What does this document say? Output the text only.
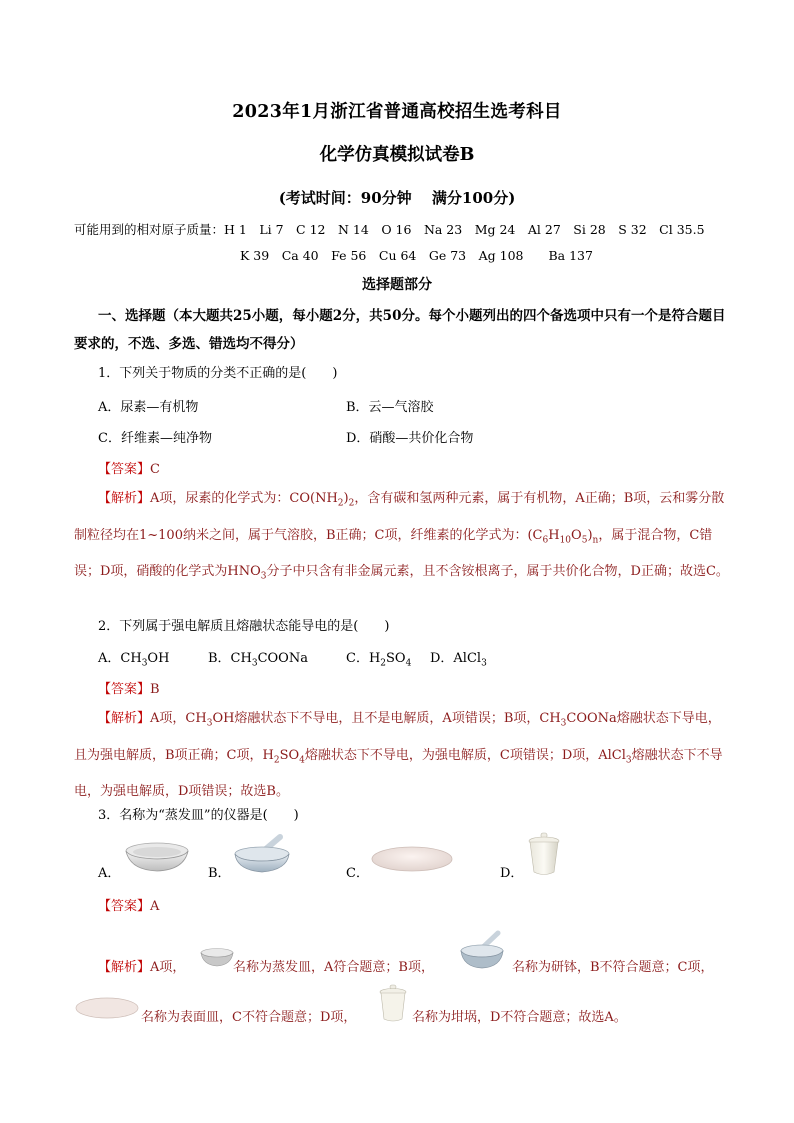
2023年1月浙江省普通高校招生选考科目
化学仿真模拟试卷B
(考试时间：90分钟　 满分100分)
可能用到的相对原子质量：H 1　Li 7　C 12　N 14　O 16　Na 23　Mg 24　Al 27　Si 28　S 32　Cl 35.5
K 39　Ca 40　Fe 56　Cu 64　Ge 73　Ag 108　　Ba 137
选择题部分
一、选择题（本大题共25小题，每小题2分，共50分。每个小题列出的四个备选项中只有一个是符合题目要求的，不选、多选、错选均不得分）
1．下列关于物质的分类不正确的是(　　)
A．尿素—有机物	B．云—气溶胶
C．纤维素—纯净物	D．硝酸—共价化合物
【答案】C
【解析】A项，尿素的化学式为：$CO(NH_2)_2$，含有碳和氢两种元素，属于有机物，A正确；B项，云和雾分散制粒径均在1~100纳米之间，属于气溶胶，B正确；C项，纤维素的化学式为：$(C_6H_{10}O_5)_n$，属于混合物，C错误；D项，硝酸的化学式为$HNO_3$分子中只含有非金属元素，且不含铵根离子，属于共价化合物，D正确；故选C。
2．下列属于强电解质且熔融状态能导电的是(　　)
A．$CH_3OH$	B．$CH_3COONa$	C．$H_2SO_4$ D．AlCl$_3$
【答案】B
【解析】A项，$CH_3OH$熔融状态下不导电，且不是电解质，A项错误；B项，$CH_3COONa$熔融状态下导电，且为强电解质，B项正确；C项，$H_2SO_4$熔融状态下不导电，为强电解质，C项错误；D项，AlCl$_3$熔融状态下不导电，为强电解质，D项错误；故选B。
3．名称为“蒸发皿”的仪器是(　　)
A．	B．	C．	D．
【答案】A
【解析】A项，	名称为蒸发皿，A符合题意；B项，	名称为研钵，B不符合题意；C项，
名称为表面皿，C不符合题意；D项，	名称为坩埚，D不符合题意；故选A。
